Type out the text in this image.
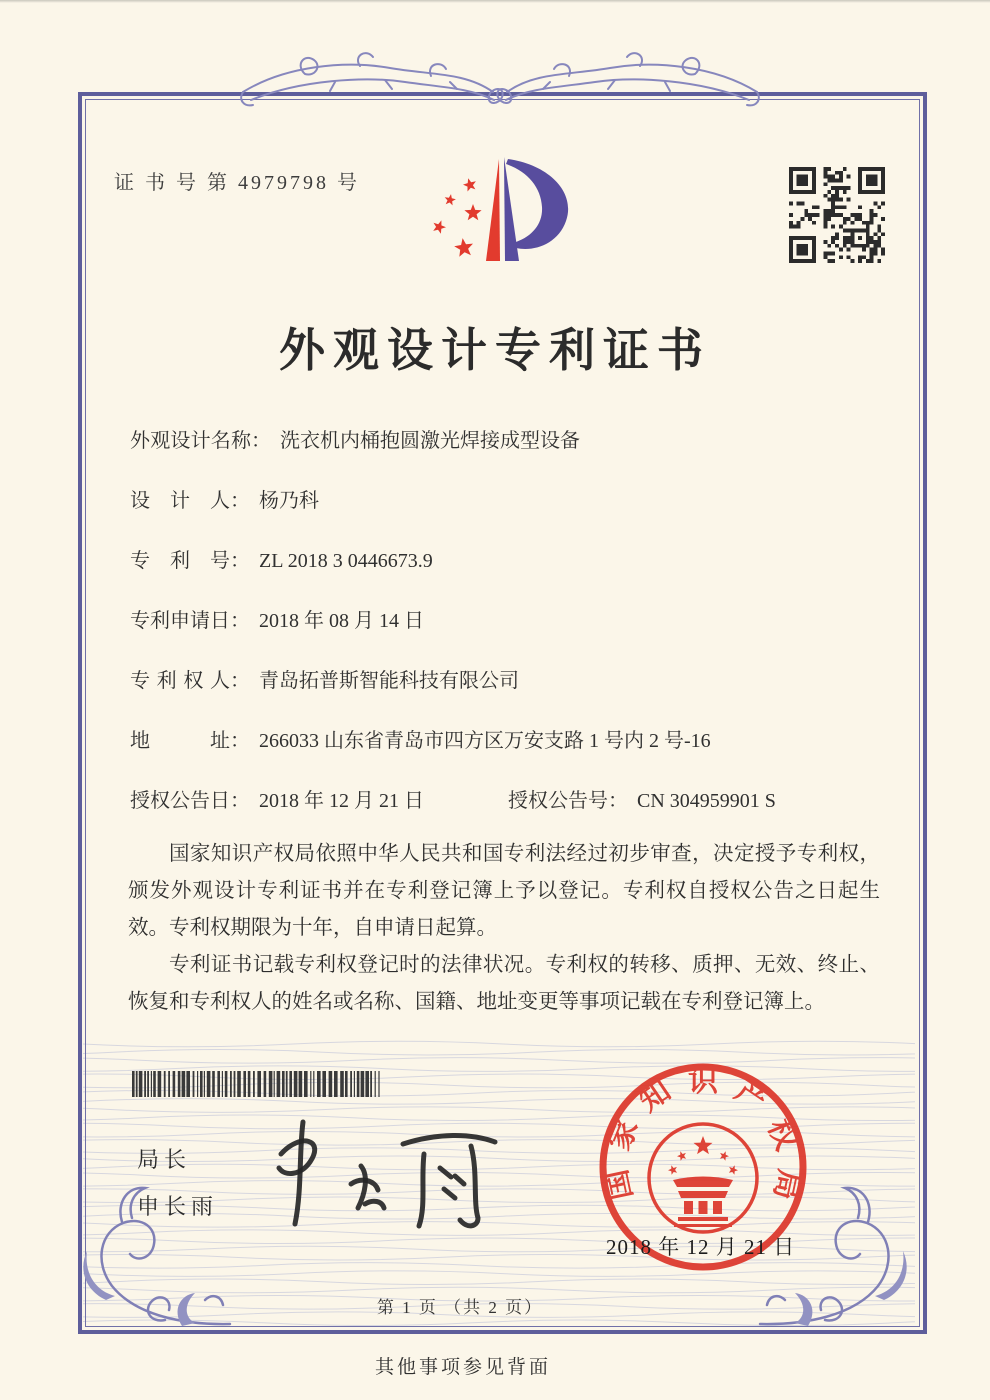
证 书 号 第 4979798 号
外观设计专利证书
外观设计名称： 洗衣机内桶抱圆激光焊接成型设备
设计人： 杨乃科
专利号： ZL 2018 3 0446673.9
专利申请日： 2018 年 08 月 14 日
专利权人： 青岛拓普斯智能科技有限公司
地址： 266033 山东省青岛市四方区万安支路 1 号内 2 号-16
授权公告日： 2018 年 12 月 21 日	授权公告号： CN 304959901 S

国家知识产权局依照中华人民共和国专利法经过初步审查，决定授予专利权，颁发外观设计专利证书并在专利登记簿上予以登记。专利权自授权公告之日起生效。专利权期限为十年，自申请日起算。

专利证书记载专利权登记时的法律状况。专利权的转移、质押、无效、终止、恢复和专利权人的姓名或名称、国籍、地址变更等事项记载在专利登记簿上。

局长
申长雨
国家知识产权局
2018 年 12 月 21 日
第 1 页 （共 2 页）
其他事项参见背面
